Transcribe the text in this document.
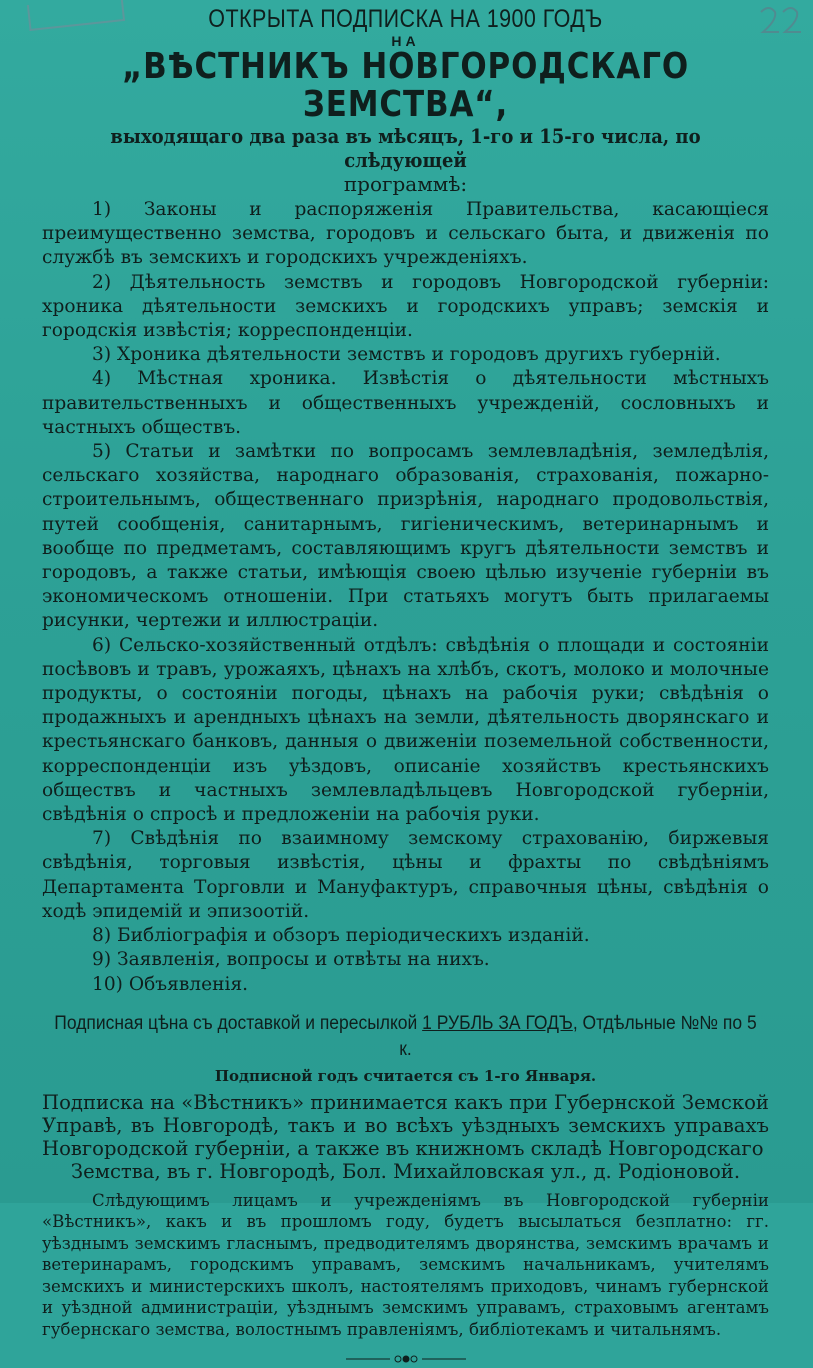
ОТКРЫТА ПОДПИСКА НА 1900 ГОДЪ
НА
„ВѢСТНИКЪ НОВГОРОДСКАГО ЗЕМСТВА“,
выходящаго два раза въ мѣсяцъ, 1-го и 15-го числа, по слѣдующей
программѣ:

1) Законы и распоряженія Правительства, касающіеся преимущественно земства, городовъ и сельскаго быта, и движенія по службѣ въ земскихъ и городскихъ учрежденіяхъ.

2) Дѣятельность земствъ и городовъ Новгородской губерніи: хроника дѣятельности земскихъ и городскихъ управъ; земскія и городскія извѣстія; корреспонденціи.

3) Хроника дѣятельности земствъ и городовъ другихъ губерній.

4) Мѣстная хроника. Извѣстія о дѣятельности мѣстныхъ правительственныхъ и общественныхъ учрежденій, сословныхъ и частныхъ обществъ.

5) Статьи и замѣтки по вопросамъ землевладѣнія, земледѣлія, сельскаго хозяйства, народнаго образованія, страхованія, пожарно-строительнымъ, общественнаго призрѣнія, народнаго продовольствія, путей сообщенія, санитарнымъ, гигіеническимъ, ветеринарнымъ и вообще по предметамъ, составляющимъ кругъ дѣятельности земствъ и городовъ, а также статьи, имѣющія своею цѣлью изученіе губерніи въ экономическомъ отношеніи. При статьяхъ могутъ быть прилагаемы рисунки, чертежи и иллюстраціи.

6) Сельско-хозяйственный отдѣлъ: свѣдѣнія о площади и состояніи посѣвовъ и травъ, урожаяхъ, цѣнахъ на хлѣбъ, скотъ, молоко и молочные продукты, о состояніи погоды, цѣнахъ на рабочія руки; свѣдѣнія о продажныхъ и арендныхъ цѣнахъ на земли, дѣятельность дворянскаго и крестьянскаго банковъ, данныя о движеніи поземельной собственности, корреспонденціи изъ уѣздовъ, описаніе хозяйствъ крестьянскихъ обществъ и частныхъ землевладѣльцевъ Новгородской губерніи, свѣдѣнія о спросѣ и предложеніи на рабочія руки.

7) Свѣдѣнія по взаимному земскому страхованію, биржевыя свѣдѣнія, торговыя извѣстія, цѣны и фрахты по свѣдѣніямъ Департамента Торговли и Мануфактуръ, справочныя цѣны, свѣдѣнія о ходѣ эпидемій и эпизоотій.

8) Библіографія и обзоръ періодическихъ изданій.

9) Заявленія, вопросы и отвѣты на нихъ.

10) Объявленія.

Подписная цѣна съ доставкой и пересылкой 1 РУБЛЬ ЗА ГОДЪ, Отдѣльные №№ по 5 к.
Подписной годъ считается съ 1-го Января.

Подписка на «Вѣстникъ» принимается какъ при Губернской Земской Управѣ, въ Новгородѣ, такъ и во всѣхъ уѣздныхъ земскихъ управахъ Новгородской губерніи, а также въ книжномъ складѣ Новгородскаго

Земства, въ г. Новгородѣ, Бол. Михайловская ул., д. Родіоновой.

Слѣдующимъ лицамъ и учрежденіямъ въ Новгородской губерніи «Вѣстникъ», какъ и въ прошломъ году, будетъ высылаться безплатно: гг. уѣзднымъ земскимъ гласнымъ, предводителямъ дворянства, земскимъ врачамъ и ветеринарамъ, городскимъ управамъ, земскимъ начальникамъ, учителямъ земскихъ и министерскихъ школъ, настоятелямъ приходовъ, чинамъ губернской и уѣздной администраціи, уѣзднымъ земскимъ управамъ, страховымъ агентамъ губернскаго земства, волостнымъ правленіямъ, библіотекамъ и читальнямъ.
